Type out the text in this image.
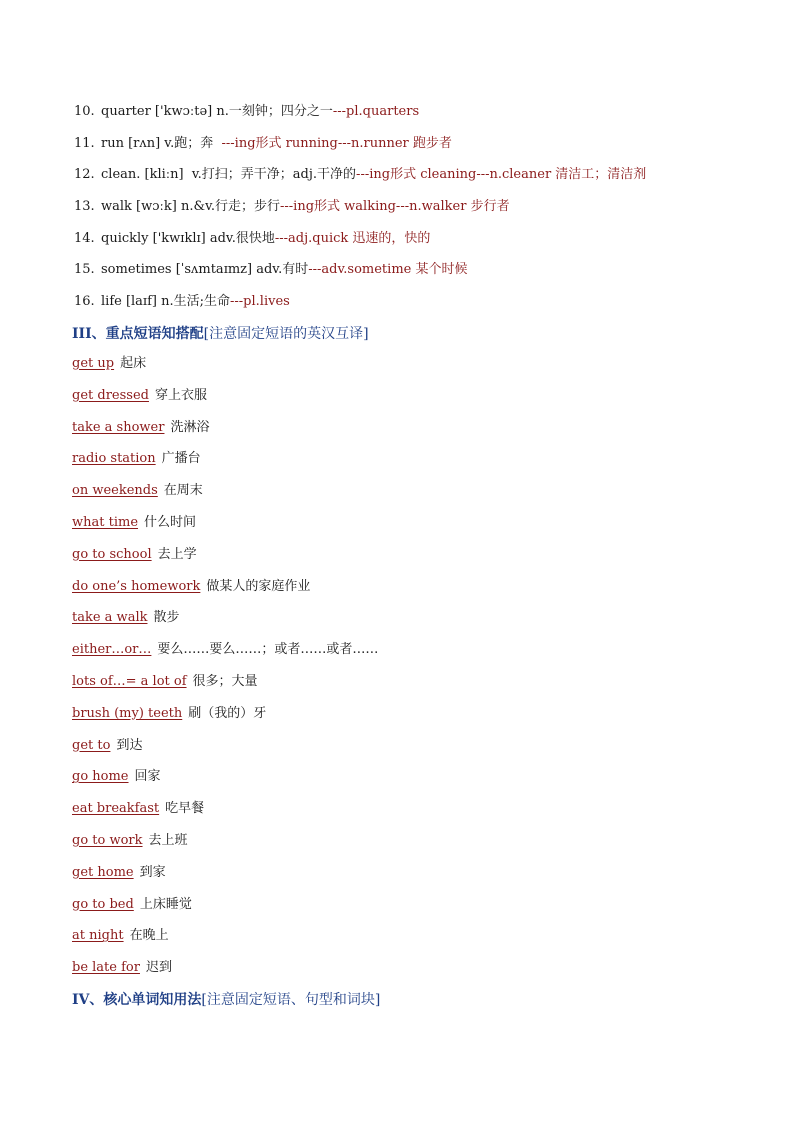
10. quarter ['kwɔːtə] n.一刻钟；四分之一 ---pl.quarters
11. run [rʌn] v.跑；奔 ---ing形式 running---n.runner 跑步者
12. clean. [kliːn]  v.打扫；弄干净；adj.干净的 ---ing形式 cleaning---n.cleaner 清洁工；清洁剂
13. walk [wɔːk] n.&v.行走；步行 ---ing形式 walking---n.walker 步行者
14. quickly ['kwɪklɪ] adv.很快地 ---adj.quick 迅速的，快的
15. sometimes [ˈsʌmtaɪmz] adv.有时 ---adv.sometime 某个时候
16. life [laɪf] n.生活;生命 ---pl.lives
III、重点短语知搭配[注意固定短语的英汉互译]
get up 起床
get dressed 穿上衣服
take a shower 洗淋浴
radio station 广播台
on weekends 在周末
what time 什么时间
go to school 去上学
do one’s homework 做某人的家庭作业
take a walk 散步
either…or… 要么……要么……；或者……或者……
lots of…= a lot of 很多；大量
brush (my) teeth 刷（我的）牙
get to 到达
go home 回家
eat breakfast 吃早餐
go to work 去上班
get home 到家
go to bed 上床睡觉
at night 在晚上
be late for 迟到
IV、核心单词知用法[注意固定短语、句型和词块]
